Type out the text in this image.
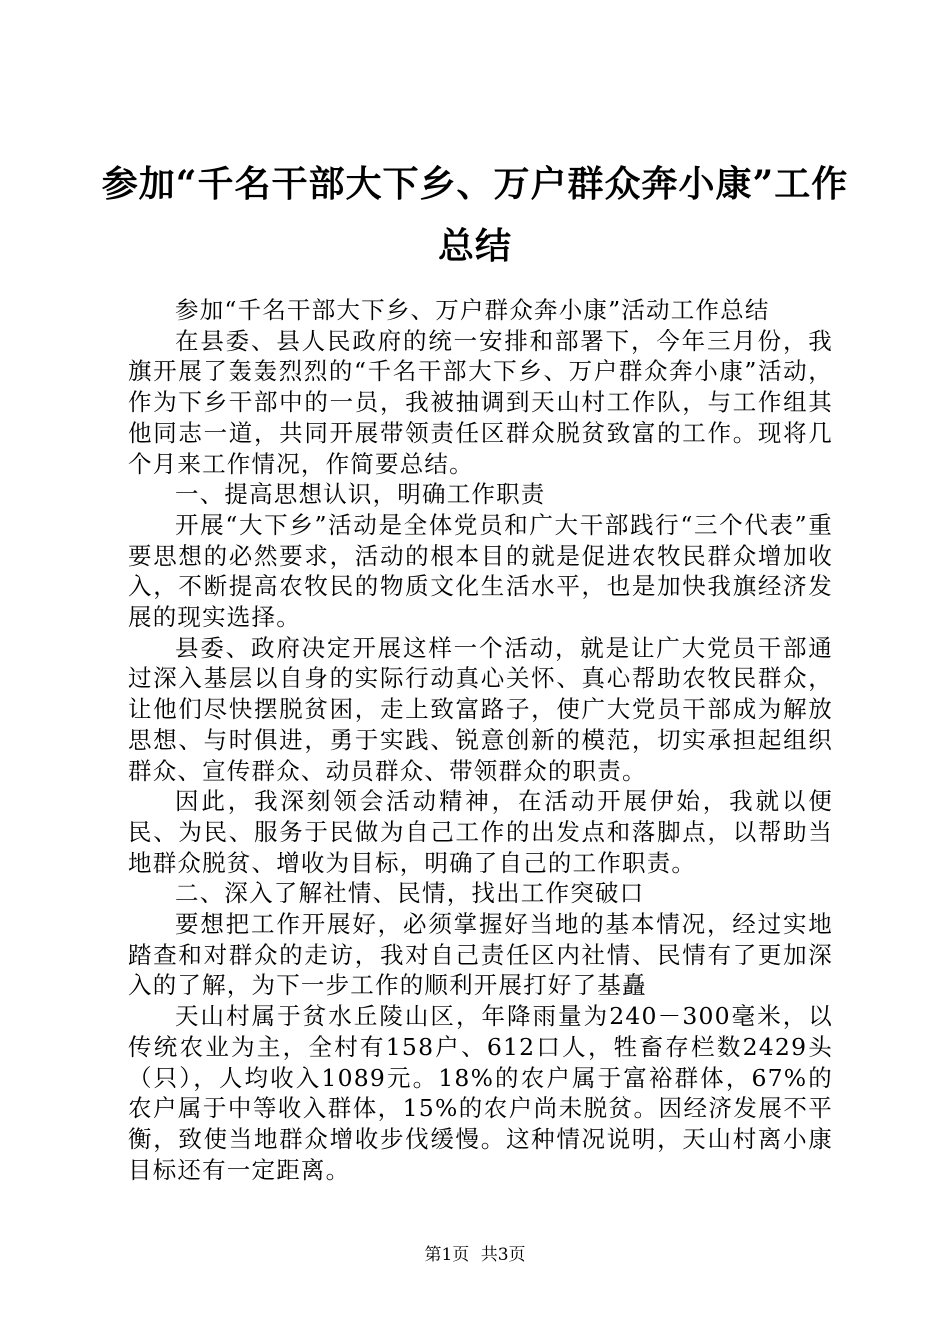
参加“千名干部大下乡、万户群众奔小康”工作总结

参加“千名干部大下乡、万户群众奔小康”活动工作总结

在县委、县人民政府的统一安排和部署下，今年三月份，我旗开展了轰轰烈烈的“千名干部大下乡、万户群众奔小康”活动，作为下乡干部中的一员，我被抽调到天山村工作队，与工作组其他同志一道，共同开展带领责任区群众脱贫致富的工作。现将几个月来工作情况，作简要总结。

一、提高思想认识，明确工作职责

开展“大下乡”活动是全体党员和广大干部践行“三个代表”重要思想的必然要求，活动的根本目的就是促进农牧民群众增加收入，不断提高农牧民的物质文化生活水平，也是加快我旗经济发展的现实选择。

县委、政府决定开展这样一个活动，就是让广大党员干部通过深入基层以自身的实际行动真心关怀、真心帮助农牧民群众，让他们尽快摆脱贫困，走上致富路子，使广大党员干部成为解放思想、与时俱进，勇于实践、锐意创新的模范，切实承担起组织群众、宣传群众、动员群众、带领群众的职责。

因此，我深刻领会活动精神，在活动开展伊始，我就以便民、为民、服务于民做为自己工作的出发点和落脚点，以帮助当地群众脱贫、增收为目标，明确了自己的工作职责。

二、深入了解社情、民情，找出工作突破口

要想把工作开展好，必须掌握好当地的基本情况，经过实地踏查和对群众的走访，我对自己责任区内社情、民情有了更加深入的了解，为下一步工作的顺利开展打好了基矗

天山村属于贫水丘陵山区，年降雨量为240－300毫米，以传统农业为主，全村有158户、612口人，牲畜存栏数2429头（只），人均收入1089元。18%的农户属于富裕群体，67%的农户属于中等收入群体，15%的农户尚未脱贫。因经济发展不平衡，致使当地群众增收步伐缓慢。这种情况说明，天山村离小康目标还有一定距离。

第1页 共3页
